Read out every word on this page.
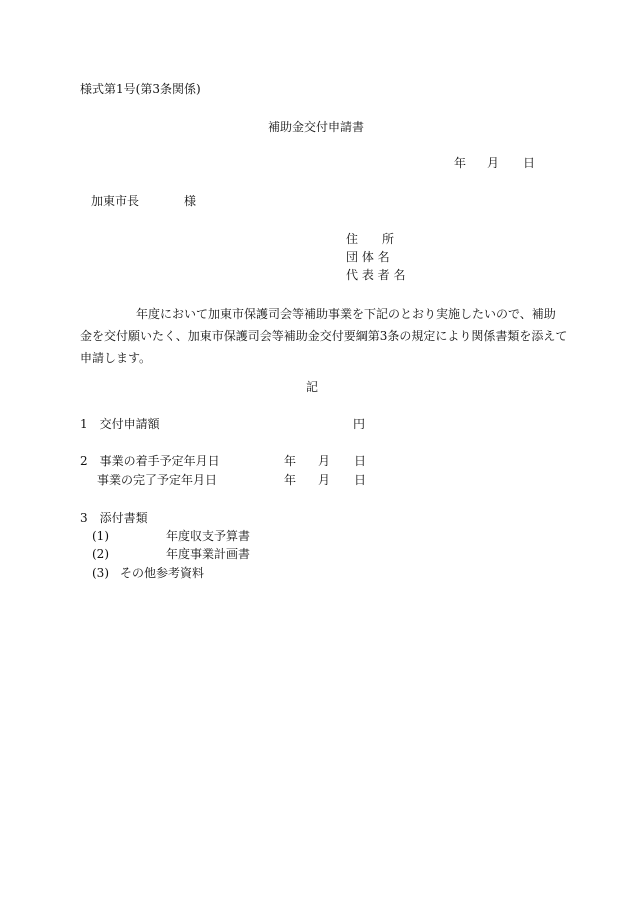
様式第1号(第3条関係)
補助金交付申請書
年 月 日
加東市長	様
住　　所
団 体 名
代 表 者 名
年度において加東市保護司会等補助事業を下記のとおり実施したいので、補助
金を交付願いたく、加東市保護司会等補助金交付要綱第3条の規定により関係書類を添えて
申請します。
記
1　交付申請額	円
2　事業の着手予定年月日	年 月 日
事業の完了予定年月日	年 月 日
3　添付書類
(1)	年度収支予算書
(2)	年度事業計画書
(3) その他参考資料
